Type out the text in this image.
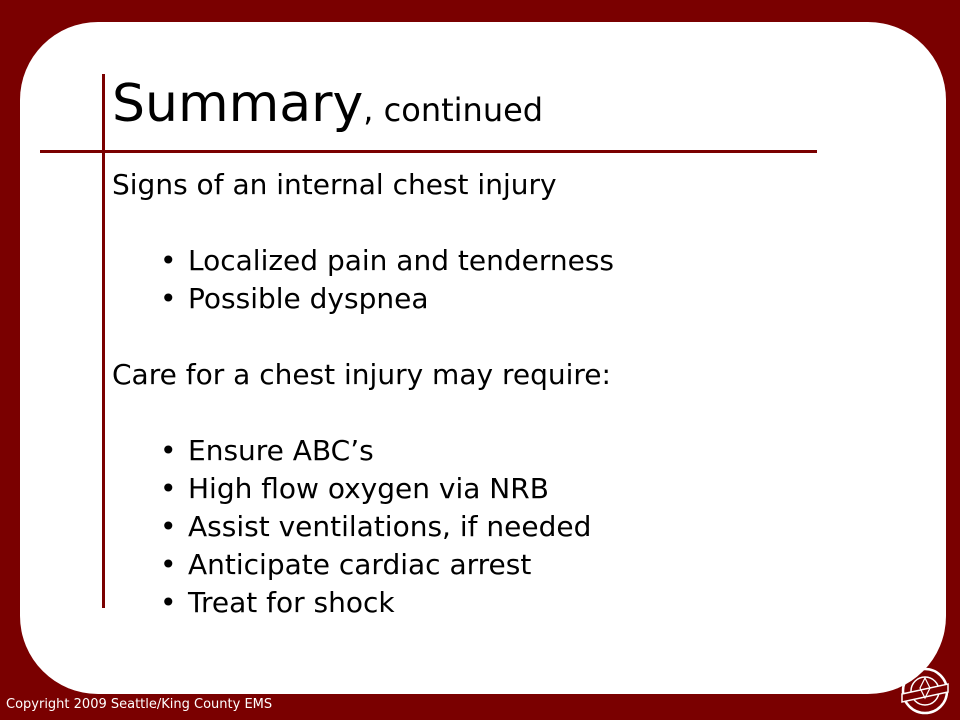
Summary, continued

Signs of an internal chest injury

• Localized pain and tenderness
• Possible dyspnea

Care for a chest injury may require:

• Ensure ABC’s
• High flow oxygen via NRB
• Assist ventilations, if needed
• Anticipate cardiac arrest
• Treat for shock
Copyright 2009 Seattle/King County EMS
